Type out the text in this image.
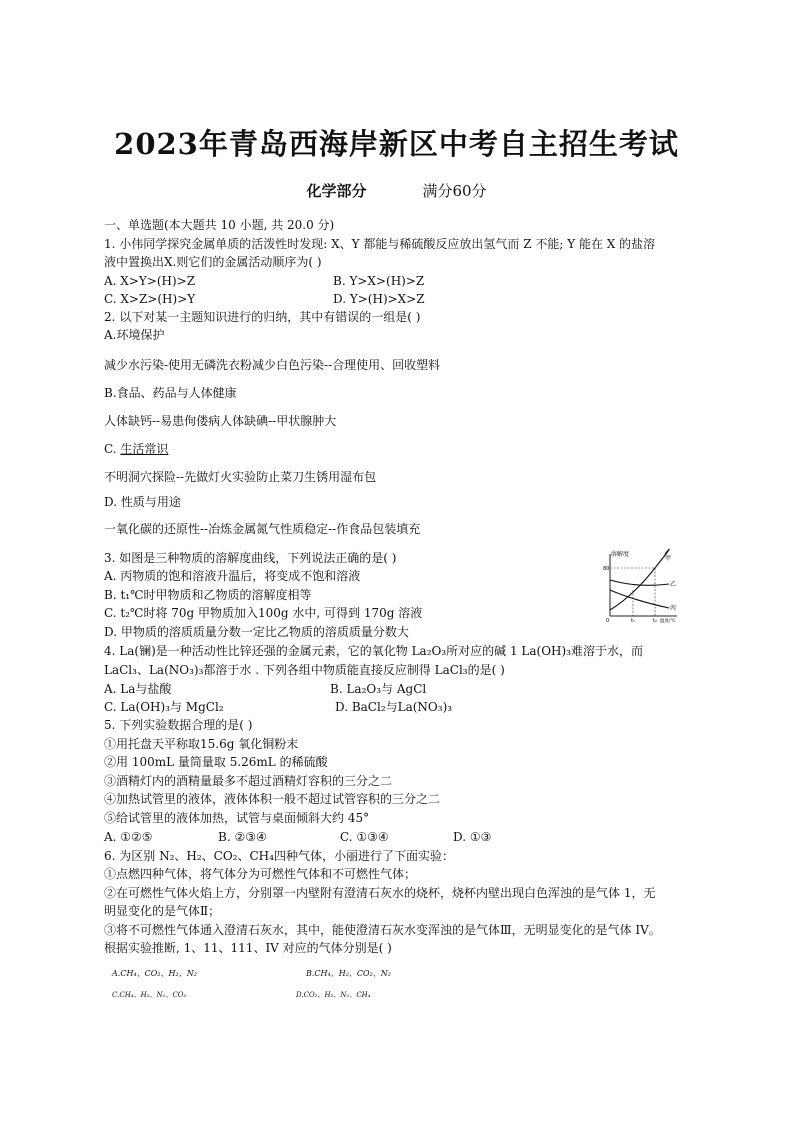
2023年青岛西海岸新区中考自主招生考试
化学部分	满分60分
一、单选题(本大题共 10 小题, 共 20.0 分)
1. 小伟同学探究金属单质的活泼性时发现: X、Y 都能与稀硫酸反应放出氢气而 Z 不能; Y 能在 X 的盐溶
液中置换出X.则它们的金属活动顺序为( )
A. X>Y>(H)>Z	B. Y>X>(H)>Z
C. X>Z>(H)>Y	D. Y>(H)>X>Z
2. 以下对某一主题知识进行的归纳，其中有错误的一组是( )
A.环境保护
减少水污染-使用无磷洗衣粉减少白色污染--合理使用、回收塑料
B.食品、药品与人体健康
人体缺钙--易患佝偻病人体缺碘--甲状腺肿大
C. 生活常识
不明洞穴探险--先做灯火实验防止菜刀生锈用湿布包
D. 性质与用途
一氧化碳的还原性--冶炼金属氮气性质稳定--作食品包装填充
3. 如图是三种物质的溶解度曲线，下列说法正确的是( )
A. 丙物质的饱和溶液升温后，将变成不饱和溶液
B. t₁℃时甲物质和乙物质的溶解度相等
C. t₂℃时将 70g 甲物质加入100g 水中, 可得到 170g 溶液
D. 甲物质的溶质质量分数一定比乙物质的溶质质量分数大
溶解度
80
甲
乙
丙
0	t₁	t₂ 温度/℃
4. La(镧)是一种活动性比锌还强的金属元素，它的氧化物 La₂O₃所对应的碱 1 La(OH)₃难溶于水，而
LaCl₃、La(NO₃)₃都溶于水 . 下列各组中物质能直接反应制得 LaCl₃的是( )
A. La与盐酸	B. La₂O₃与 AgCl
C. La(OH)₃与 MgCl₂	D. BaCl₂与La(NO₃)₃
5. 下列实验数据合理的是( )
①用托盘天平称取15.6g 氧化铜粉末
②用 100mL 量筒量取 5.26mL 的稀硫酸
③酒精灯内的酒精量最多不超过酒精灯容积的三分之二
④加热试管里的液体，液体体积一般不超过试管容积的三分之二
⑤给试管里的液体加热，试管与桌面倾斜大约 45°
A. ①②⑤	B. ②③④	C. ①③④	D. ①③
6. 为区别 N₂、H₂、CO₂、CH₄四种气体，小丽进行了下面实验：
①点燃四种气体，将气体分为可燃性气体和不可燃性气体；
②在可燃性气体火焰上方，分别罩一内壁附有澄清石灰水的烧杯，烧杯内壁出现白色浑浊的是气体 1，无
明显变化的是气体Ⅱ；
③将不可燃性气体通入澄清石灰水，其中，能使澄清石灰水变浑浊的是气体Ⅲ，无明显变化的是气体 IV。
根据实验推断, 1、11、111、IV 对应的气体分别是( )
A.CH₄、CO₂、H₂、N₂	B.CH₄、H₂、CO₂、N₂
C.CH₄、H₂、N₂、CO₂	D.CO₂、H₂、N₂、CH₄
